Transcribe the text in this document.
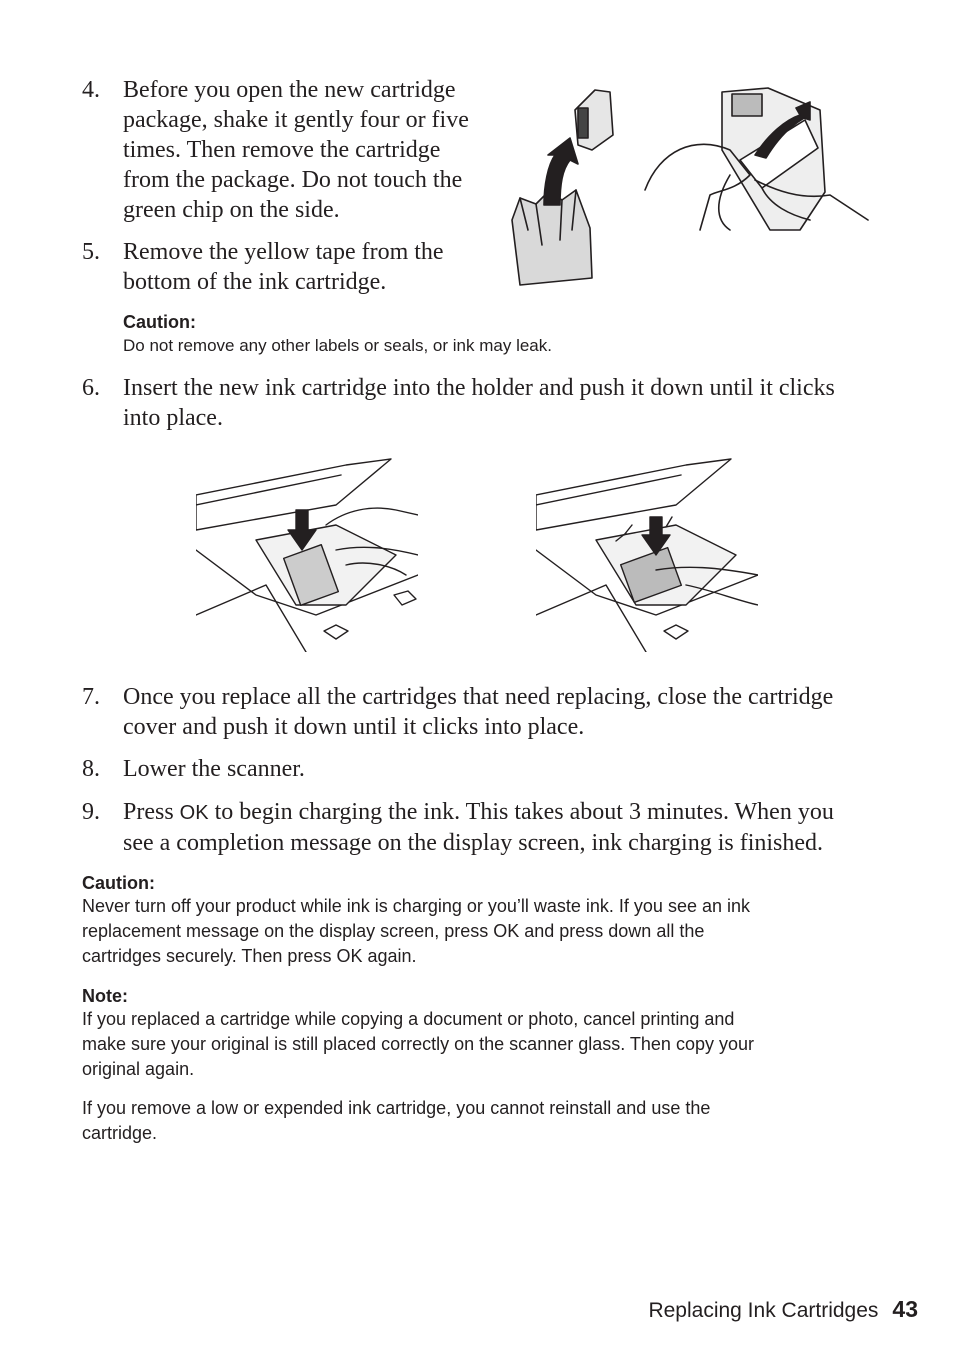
4. Before you open the new cartridge
package, shake it gently four or five
times. Then remove the cartridge
from the package. Do not touch the
green chip on the side.
5. Remove the yellow tape from the
bottom of the ink cartridge.
Caution:
Do not remove any other labels or seals, or ink may leak.
6. Insert the new ink cartridge into the holder and push it down until it clicks
into place.
7. Once you replace all the cartridges that need replacing, close the cartridge
cover and push it down until it clicks into place.
8. Lower the scanner.
9. Press OK to begin charging the ink. This takes about 3 minutes. When you
see a completion message on the display screen, ink charging is finished.
Caution:
Never turn off your product while ink is charging or you’ll waste ink. If you see an ink
replacement message on the display screen, press OK and press down all the
cartridges securely. Then press OK again.
Note:
If you replaced a cartridge while copying a document or photo, cancel printing and
make sure your original is still placed correctly on the scanner glass. Then copy your
original again.
If you remove a low or expended ink cartridge, you cannot reinstall and use the
cartridge.
Replacing Ink Cartridges 43
